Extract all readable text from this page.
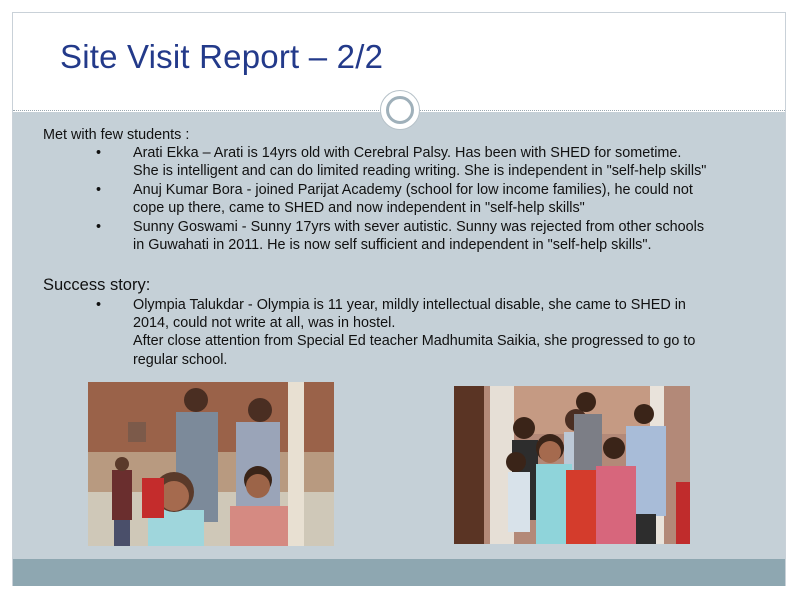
Site Visit Report – 2/2
Met with few students :
• Arati Ekka – Arati is 14yrs old with Cerebral Palsy. Has been with SHED for sometime.
She is intelligent and can do limited reading writing. She is independent in "self-help skills"
• Anuj Kumar Bora - joined Parijat Academy (school for low income families), he could not
cope up there, came to SHED and now independent in "self-help skills"
• Sunny Goswami - Sunny 17yrs with sever autistic. Sunny was rejected from other schools
in Guwahati in 2011. He is now self sufficient and independent in "self-help skills".
Success story:
• Olympia Talukdar - Olympia is 11 year, mildly intellectual disable, she came to SHED in
2014, could not write at all, was in hostel.
After close attention from Special Ed teacher Madhumita Saikia, she progressed to go to
regular school.
